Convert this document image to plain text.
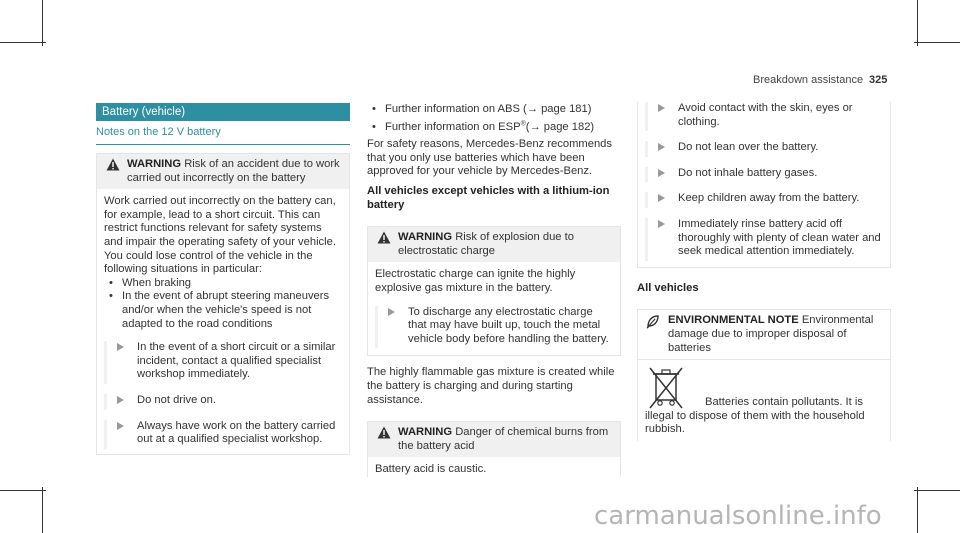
Breakdown assistance 325
Battery (vehicle)
Notes on the 12 V battery
WARNING Risk of an accident due to work carried out incorrectly on the battery

Work carried out incorrectly on the battery can, for example, lead to a short circuit. This can restrict functions relevant for safety systems and impair the operating safety of your vehicle.

You could lose control of the vehicle in the following situations in particular:

• When braking
• In the event of abrupt steering maneuvers and/or when the vehicle's speed is not adapted to the road conditions
In the event of a short circuit or a similar incident, contact a qualified specialist workshop immediately.
Do not drive on.
Always have work on the battery carried out at a qualified specialist workshop.
• Further information on ABS (→ page 181)
• Further information on ESP®(→ page 182)

For safety reasons, Mercedes-Benz recommends that you only use batteries which have been approved for your vehicle by Mercedes-Benz.

All vehicles except vehicles with a lithium-ion battery

WARNING Risk of explosion due to electrostatic charge

Electrostatic charge can ignite the highly explosive gas mixture in the battery.

To discharge any electrostatic charge that may have built up, touch the metal vehicle body before handling the battery.

The highly flammable gas mixture is created while the battery is charging and during starting assistance.

WARNING Danger of chemical burns from the battery acid

Battery acid is caustic.

Avoid contact with the skin, eyes or clothing.
Do not lean over the battery.
Do not inhale battery gases.
Keep children away from the battery.
Immediately rinse battery acid off thoroughly with plenty of clean water and seek medical attention immediately.

All vehicles

ENVIRONMENTAL NOTE Environmental damage due to improper disposal of batteries

Batteries contain pollutants. It is illegal to dispose of them with the household rubbish.

carmanualsonline.info
